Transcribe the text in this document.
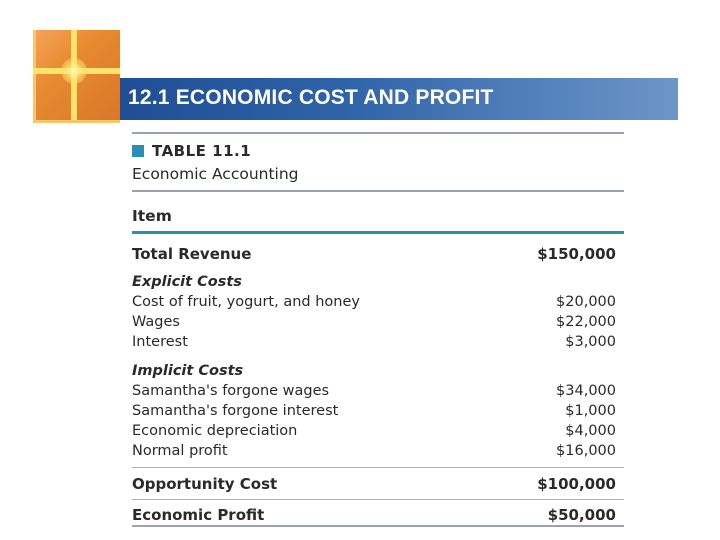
12.1 ECONOMIC COST AND PROFIT
TABLE 11.1
Economic Accounting
Item
Total Revenue	$150,000
Explicit Costs
Cost of fruit, yogurt, and honey	$20,000
Wages	$22,000
Interest	$3,000
Implicit Costs
Samantha's forgone wages	$34,000
Samantha's forgone interest	$1,000
Economic depreciation	$4,000
Normal profit	$16,000
Opportunity Cost	$100,000
Economic Profit	$50,000
